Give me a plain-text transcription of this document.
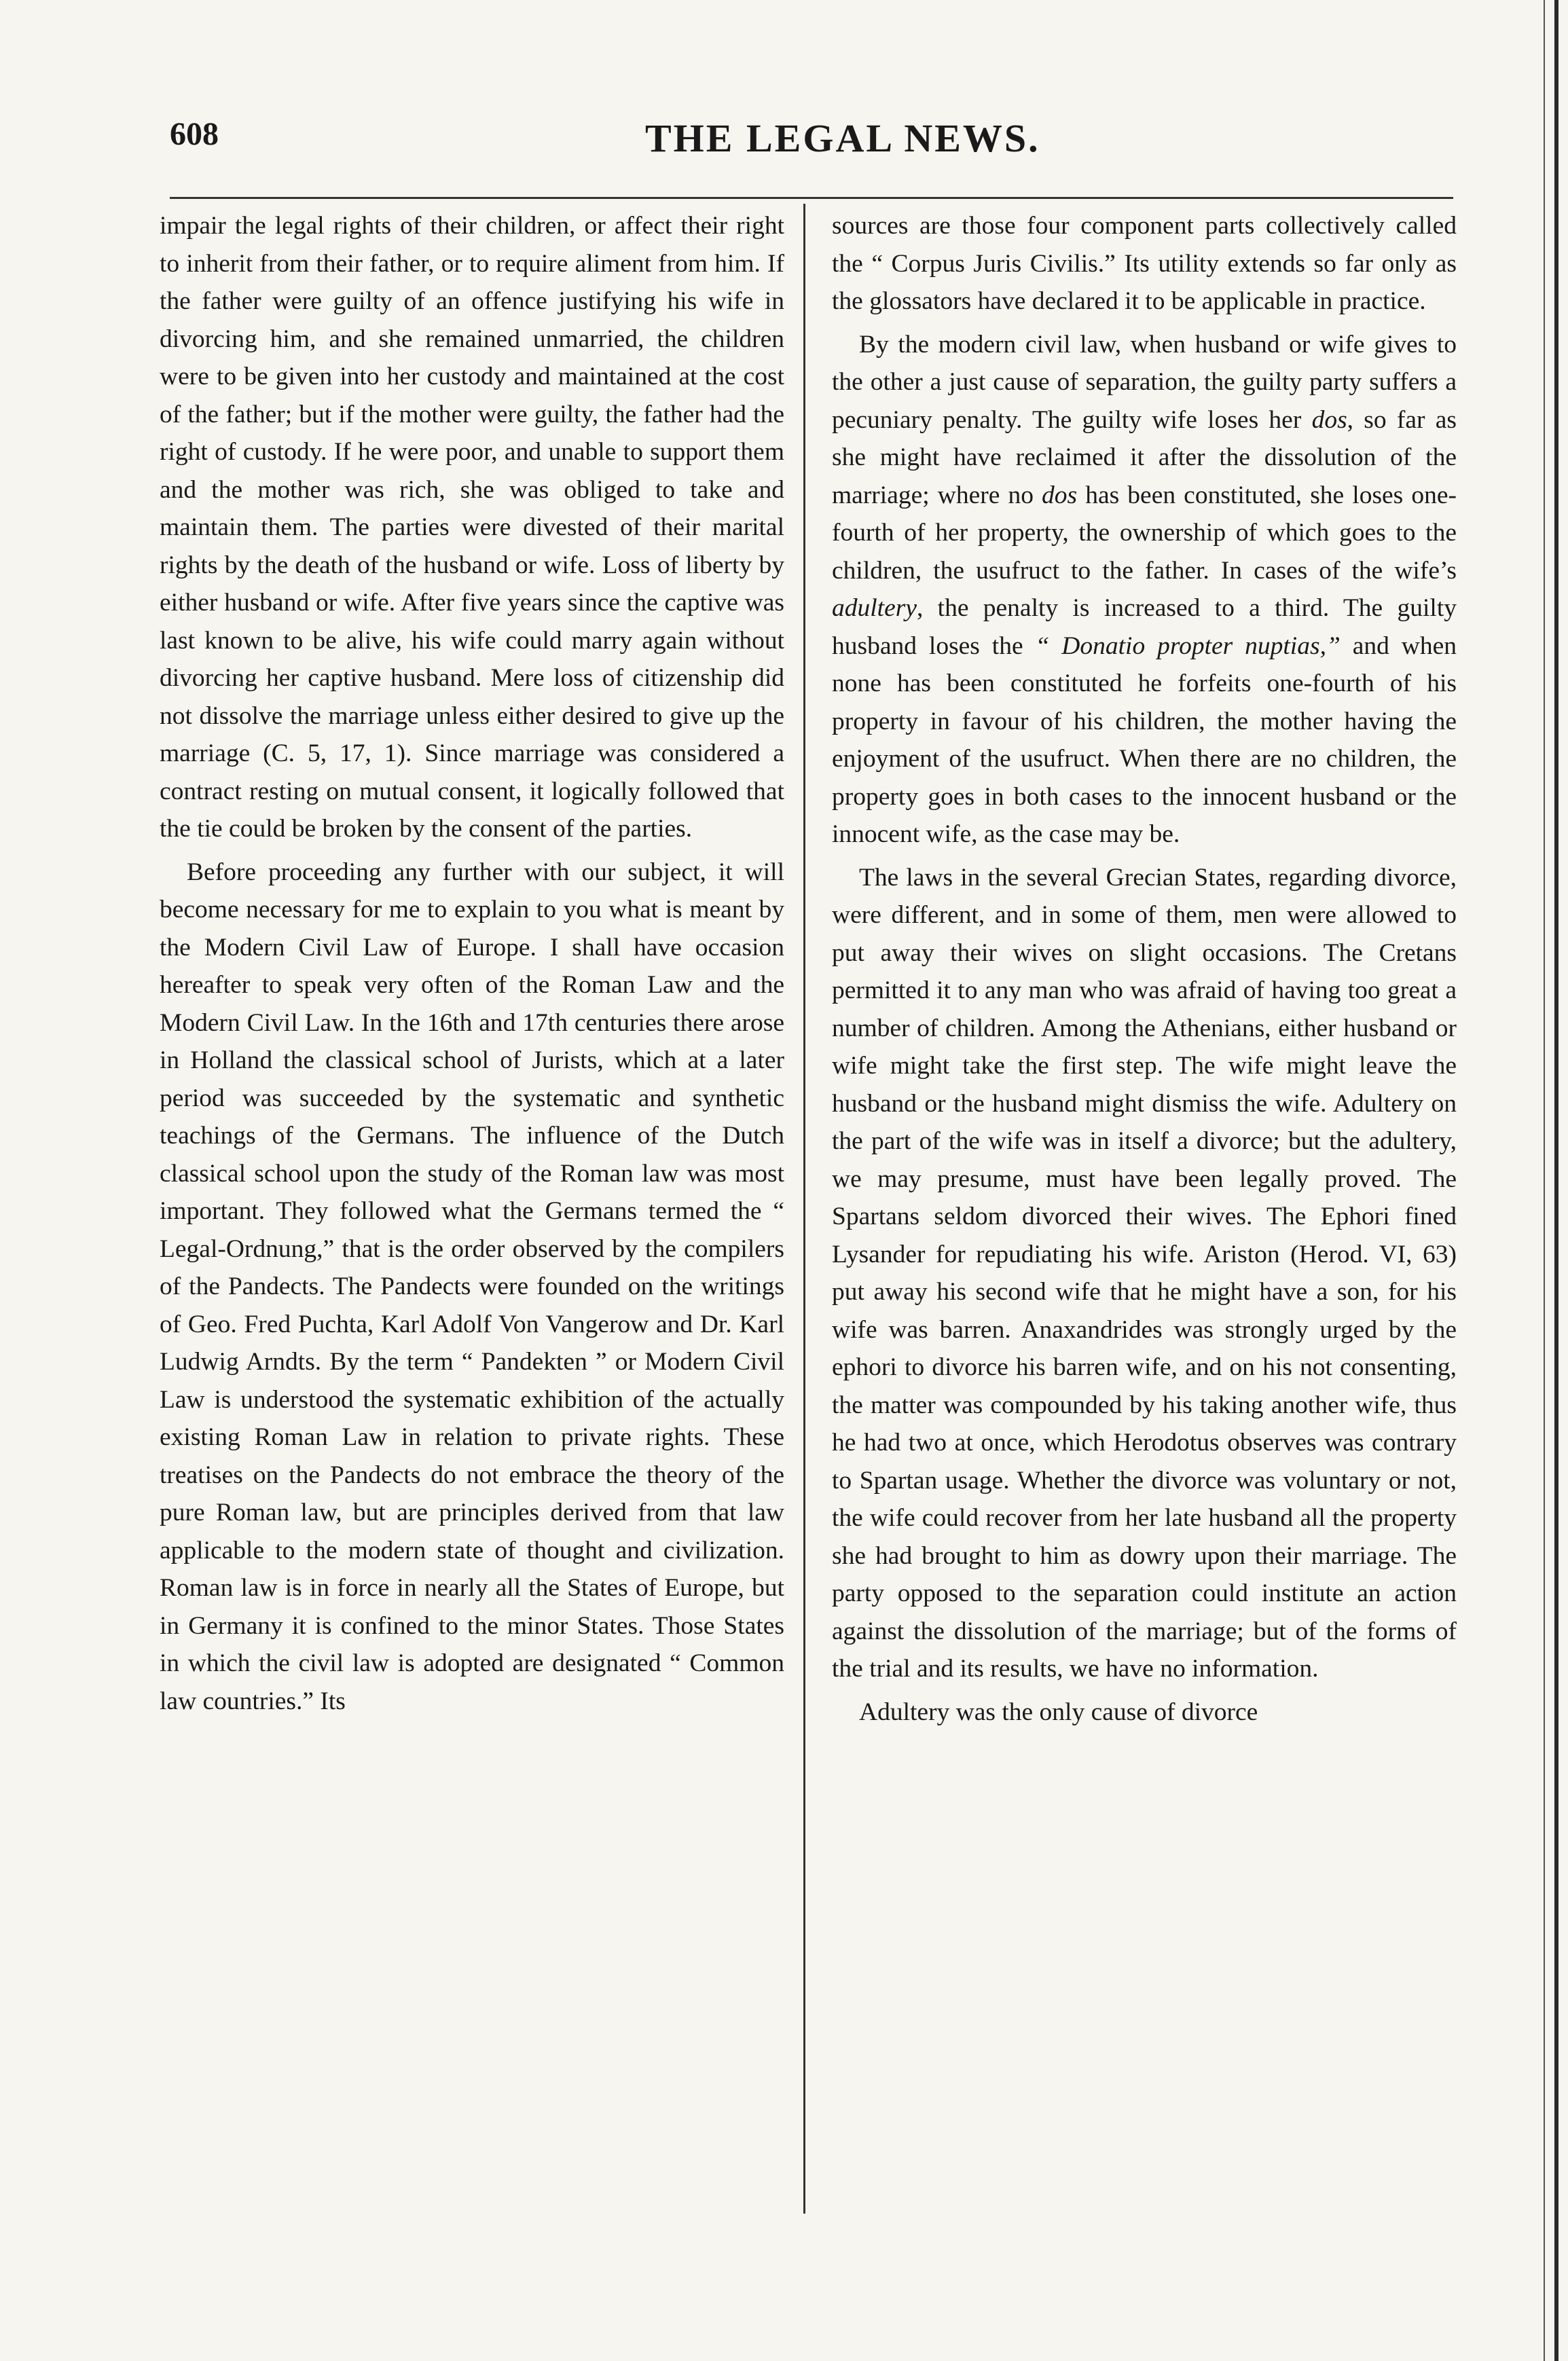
608	THE LEGAL NEWS.

impair the legal rights of their children, or affect their right to inherit from their father, or to require aliment from him. If the father were guilty of an offence justifying his wife in divorcing him, and she remained unmarried, the children were to be given into her custody and maintained at the cost of the father; but if the mother were guilty, the father had the right of custody. If he were poor, and unable to support them and the mother was rich, she was obliged to take and maintain them. The parties were divested of their marital rights by the death of the husband or wife. Loss of liberty by either husband or wife. After five years since the captive was last known to be alive, his wife could marry again without divorcing her captive husband. Mere loss of citizenship did not dissolve the marriage unless either desired to give up the marriage (C. 5, 17, 1). Since marriage was considered a contract resting on mutual consent, it logically followed that the tie could be broken by the consent of the parties.

Before proceeding any further with our subject, it will become necessary for me to explain to you what is meant by the Modern Civil Law of Europe. I shall have occasion hereafter to speak very often of the Roman Law and the Modern Civil Law. In the 16th and 17th centuries there arose in Holland the classical school of Jurists, which at a later period was succeeded by the systematic and synthetic teachings of the Germans. The influence of the Dutch classical school upon the study of the Roman law was most important. They followed what the Germans termed the “ Legal-Ordnung,” that is the order observed by the compilers of the Pandects. The Pandects were founded on the writings of Geo. Fred Puchta, Karl Adolf Von Vangerow and Dr. Karl Ludwig Arndts. By the term “ Pandekten ” or Modern Civil Law is understood the systematic exhibition of the actually existing Roman Law in relation to private rights. These treatises on the Pandects do not embrace the theory of the pure Roman law, but are principles derived from that law applicable to the modern state of thought and civilization. Roman law is in force in nearly all the States of Europe, but in Germany it is confined to the minor States. Those States in which the civil law is adopted are designated “ Common law countries.” Its

sources are those four component parts collectively called the “ Corpus Juris Civilis.” Its utility extends so far only as the glossators have declared it to be applicable in practice.

By the modern civil law, when husband or wife gives to the other a just cause of separation, the guilty party suffers a pecuniary penalty. The guilty wife loses her dos, so far as she might have reclaimed it after the dissolution of the marriage; where no dos has been constituted, she loses one-fourth of her property, the ownership of which goes to the children, the usufruct to the father. In cases of the wife’s adultery, the penalty is increased to a third. The guilty husband loses the “ Donatio propter nuptias,” and when none has been constituted he forfeits one-fourth of his property in favour of his children, the mother having the enjoyment of the usufruct. When there are no children, the property goes in both cases to the innocent husband or the innocent wife, as the case may be.

The laws in the several Grecian States, regarding divorce, were different, and in some of them, men were allowed to put away their wives on slight occasions. The Cretans permitted it to any man who was afraid of having too great a number of children. Among the Athenians, either husband or wife might take the first step. The wife might leave the husband or the husband might dismiss the wife. Adultery on the part of the wife was in itself a divorce; but the adultery, we may presume, must have been legally proved. The Spartans seldom divorced their wives. The Ephori fined Lysander for repudiating his wife. Ariston (Herod. VI, 63) put away his second wife that he might have a son, for his wife was barren. Anaxandrides was strongly urged by the ephori to divorce his barren wife, and on his not consenting, the matter was compounded by his taking another wife, thus he had two at once, which Herodotus observes was contrary to Spartan usage. Whether the divorce was voluntary or not, the wife could recover from her late husband all the property she had brought to him as dowry upon their marriage. The party opposed to the separation could institute an action against the dissolution of the marriage; but of the forms of the trial and its results, we have no information.

Adultery was the only cause of divorce
